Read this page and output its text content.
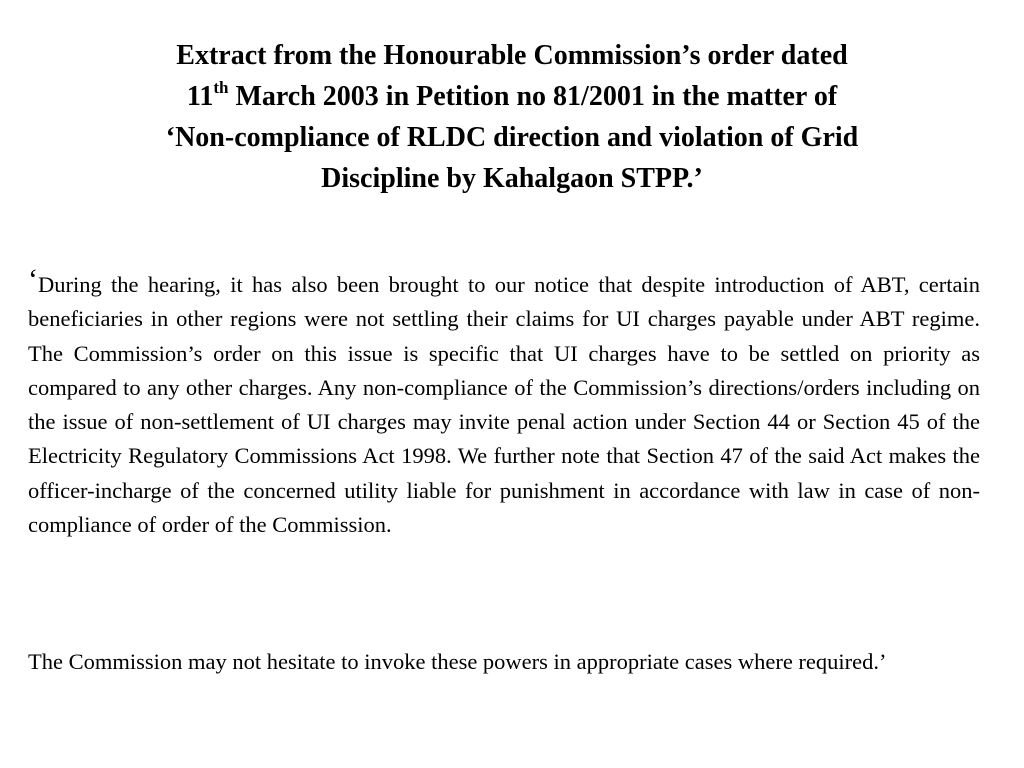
Extract from the Honourable Commission’s order dated
11th March 2003 in Petition no 81/2001 in the matter of
‘Non-compliance of RLDC direction and violation of Grid
Discipline by Kahalgaon STPP.’

‘During the hearing, it has also been brought to our notice that despite introduction of ABT, certain beneficiaries in other regions were not settling their claims for UI charges payable under ABT regime. The Commission’s order on this issue is specific that UI charges have to be settled on priority as compared to any other charges. Any non-compliance of the Commission’s directions/orders including on the issue of non-settlement of UI charges may invite penal action under Section 44 or Section 45 of the Electricity Regulatory Commissions Act 1998. We further note that Section 47 of the said Act makes the officer-incharge of the concerned utility liable for punishment in accordance with law in case of non-compliance of order of the Commission.

The Commission may not hesitate to invoke these powers in appropriate cases where required.’
